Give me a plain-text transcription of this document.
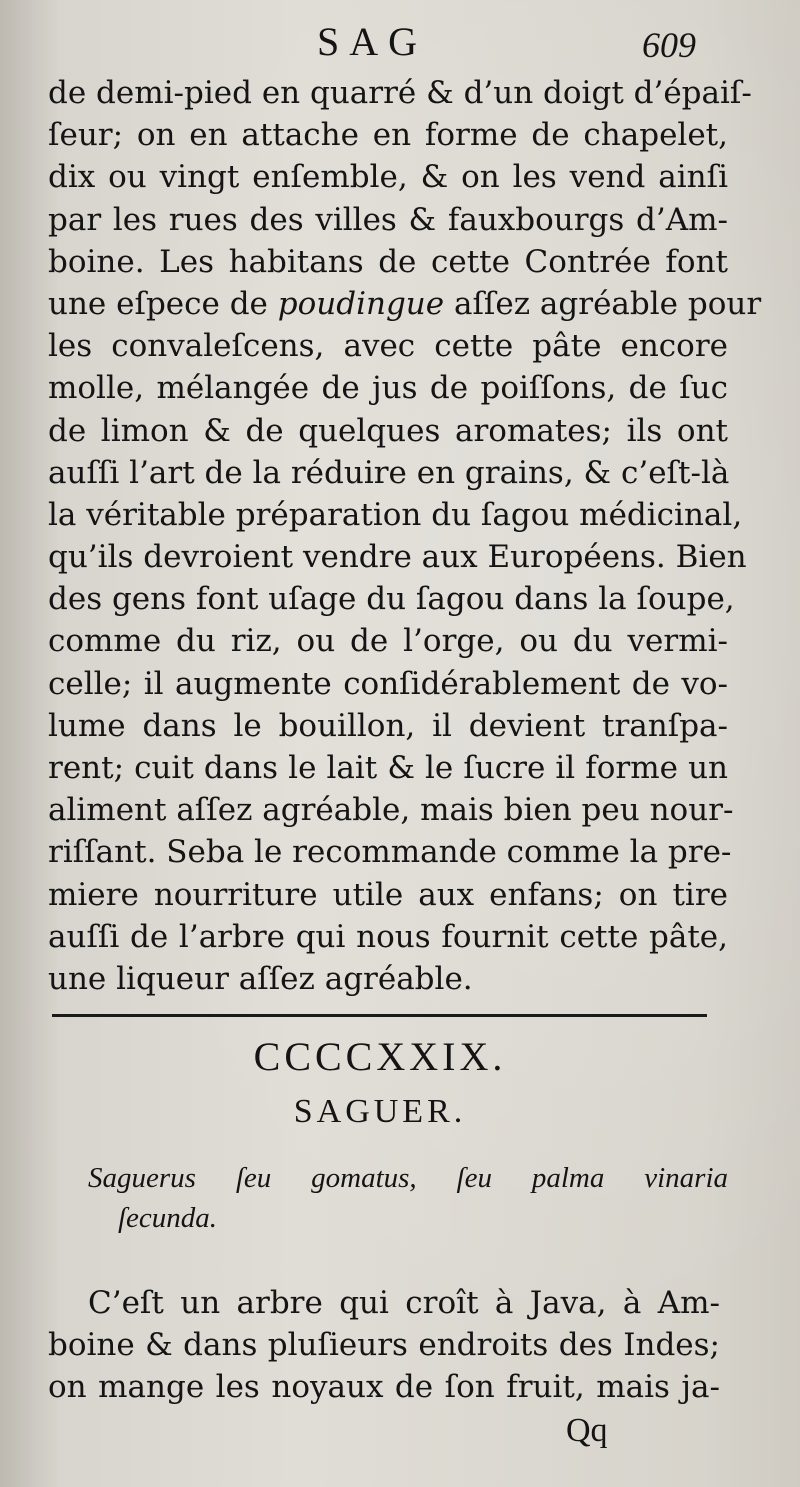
SAG	609
de demi-pied en quarré & d’un doigt d’épaiſ-
ſeur; on en attache en forme de chapelet,
dix ou vingt enſemble, & on les vend ainſi
par les rues des villes & fauxbourgs d’Am-
boine. Les habitans de cette Contrée font
une eſpece de poudingue aſſez agréable pour
les convaleſcens, avec cette pâte encore
molle, mélangée de jus de poiſſons, de ſuc
de limon & de quelques aromates; ils ont
auſſi l’art de la réduire en grains, & c’eſt-là
la véritable préparation du ſagou médicinal,
qu’ils devroient vendre aux Européens. Bien
des gens font uſage du ſagou dans la ſoupe,
comme du riz, ou de l’orge, ou du vermi-
celle; il augmente conſidérablement de vo-
lume dans le bouillon, il devient tranſpa-
rent; cuit dans le lait & le ſucre il forme un
aliment aſſez agréable, mais bien peu nour-
riſſant. Seba le recommande comme la pre-
miere nourriture utile aux enfans; on tire
auſſi de l’arbre qui nous fournit cette pâte,
une liqueur aſſez agréable.
CCCCXXIX.
SAGUER.
Saguerus ſeu gomatus, ſeu palma vinaria
ſecunda.
C’eſt un arbre qui croît à Java, à Am-
boine & dans pluſieurs endroits des Indes;
on mange les noyaux de ſon fruit, mais ja-
Qq
